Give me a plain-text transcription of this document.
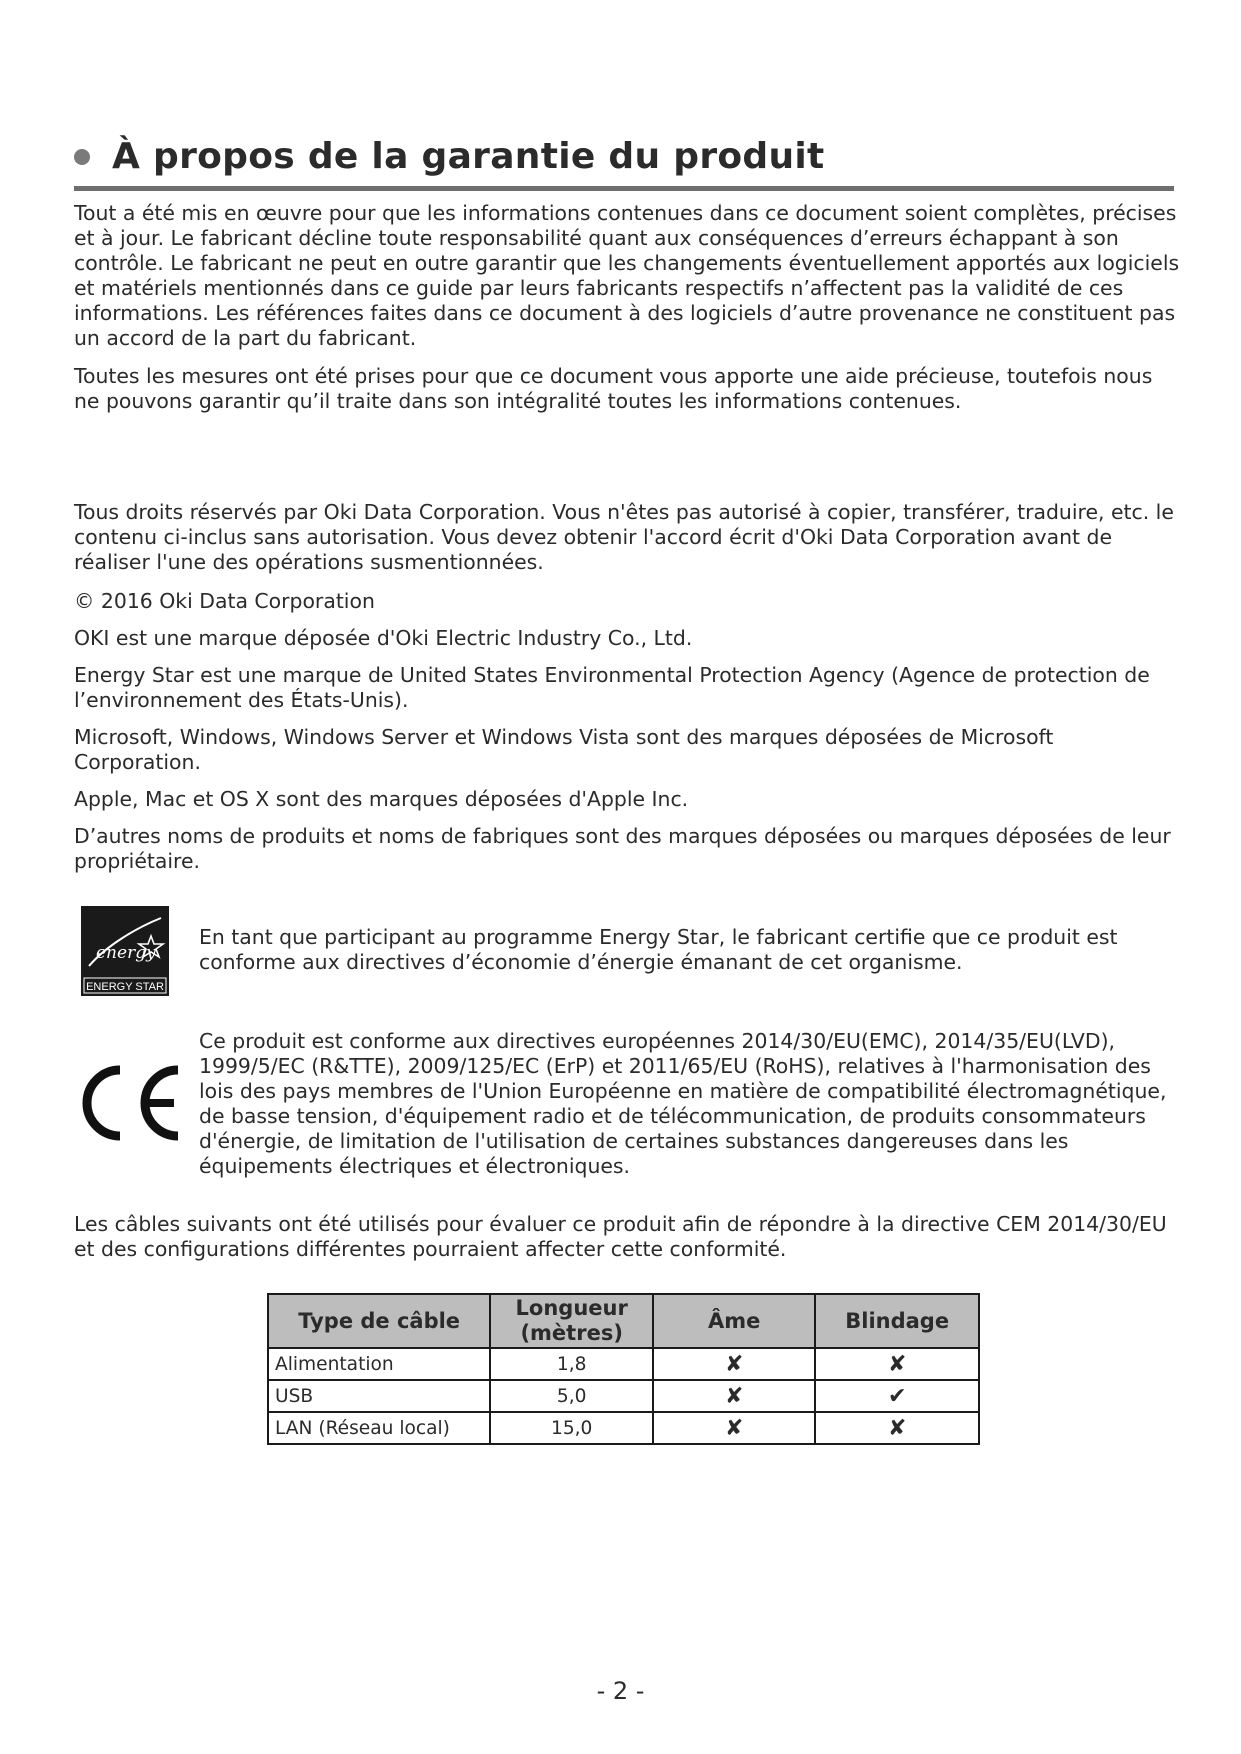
À propos de la garantie du produit

Tout a été mis en œuvre pour que les informations contenues dans ce document soient complètes, précises et à jour. Le fabricant décline toute responsabilité quant aux conséquences d’erreurs échappant à son contrôle. Le fabricant ne peut en outre garantir que les changements éventuellement apportés aux logiciels et matériels mentionnés dans ce guide par leurs fabricants respectifs n’affectent pas la validité de ces informations. Les références faites dans ce document à des logiciels d’autre provenance ne constituent pas un accord de la part du fabricant.

Toutes les mesures ont été prises pour que ce document vous apporte une aide précieuse, toutefois nous ne pouvons garantir qu’il traite dans son intégralité toutes les informations contenues.

Tous droits réservés par Oki Data Corporation. Vous n'êtes pas autorisé à copier, transférer, traduire, etc. le contenu ci-inclus sans autorisation. Vous devez obtenir l'accord écrit d'Oki Data Corporation avant de réaliser l'une des opérations susmentionnées.

© 2016 Oki Data Corporation

OKI est une marque déposée d'Oki Electric Industry Co., Ltd.

Energy Star est une marque de United States Environmental Protection Agency (Agence de protection de l’environnement des États-Unis).

Microsoft, Windows, Windows Server et Windows Vista sont des marques déposées de Microsoft Corporation.

Apple, Mac et OS X sont des marques déposées d'Apple Inc.

D’autres noms de produits et noms de fabriques sont des marques déposées ou marques déposées de leur propriétaire.

energy
ENERGY STAR

En tant que participant au programme Energy Star, le fabricant certifie que ce produit est conforme aux directives d’économie d’énergie émanant de cet organisme.

Ce produit est conforme aux directives européennes 2014/30/EU(EMC), 2014/35/EU(LVD), 1999/5/EC (R&TTE), 2009/125/EC (ErP) et 2011/65/EU (RoHS), relatives à l'harmonisation des lois des pays membres de l'Union Européenne en matière de compatibilité électromagnétique, de basse tension, d'équipement radio et de télécommunication, de produits consommateurs d'énergie, de limitation de l'utilisation de certaines substances dangereuses dans les équipements électriques et électroniques.

Les câbles suivants ont été utilisés pour évaluer ce produit afin de répondre à la directive CEM 2014/30/EU et des configurations différentes pourraient affecter cette conformité.

Type de câble	Longueur (mètres)	Âme	Blindage
Alimentation	1,8	✘	✘
USB	5,0	✘	✔
LAN (Réseau local)	15,0	✘	✘
- 2 -
